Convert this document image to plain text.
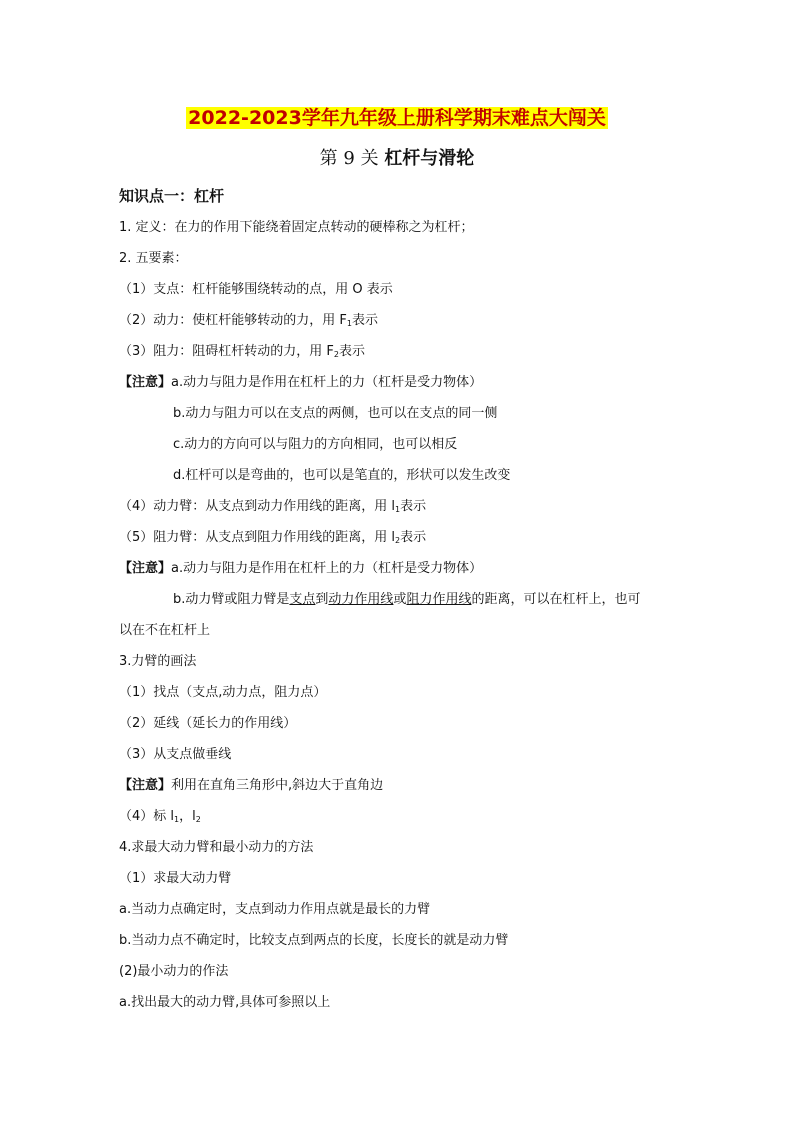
2022-2023学年九年级上册科学期末难点大闯关
第 9 关 杠杆与滑轮
知识点一：杠杆
1. 定义：在力的作用下能绕着固定点转动的硬棒称之为杠杆；
2. 五要素：
（1）支点：杠杆能够围绕转动的点，用 O 表示
（2）动力：使杠杆能够转动的力，用 $F_1$表示
（3）阻力：阻碍杠杆转动的力，用 $F_2$表示
【注意】a.动力与阻力是作用在杠杆上的力（杠杆是受力物体）
b.动力与阻力可以在支点的两侧，也可以在支点的同一侧
c.动力的方向可以与阻力的方向相同，也可以相反
d.杠杆可以是弯曲的，也可以是笔直的，形状可以发生改变
（4）动力臂：从支点到动力作用线的距离，用 $l_1$表示
（5）阻力臂：从支点到阻力作用线的距离，用 $l_2$表示
【注意】a.动力与阻力是作用在杠杆上的力（杠杆是受力物体）
b.动力臂或阻力臂是支点到动力作用线或阻力作用线的距离，可以在杠杆上，也可
以在不在杠杆上
3.力臂的画法
（1）找点（支点,动力点，阻力点）
（2）延线（延长力的作用线）
（3）从支点做垂线
【注意】利用在直角三角形中,斜边大于直角边
（4）标 $l_1$，$l_2$
4.求最大动力臂和最小动力的方法
（1）求最大动力臂
a.当动力点确定时，支点到动力作用点就是最长的力臂
b.当动力点不确定时，比较支点到两点的长度，长度长的就是动力臂
(2)最小动力的作法
a.找出最大的动力臂,具体可参照以上
